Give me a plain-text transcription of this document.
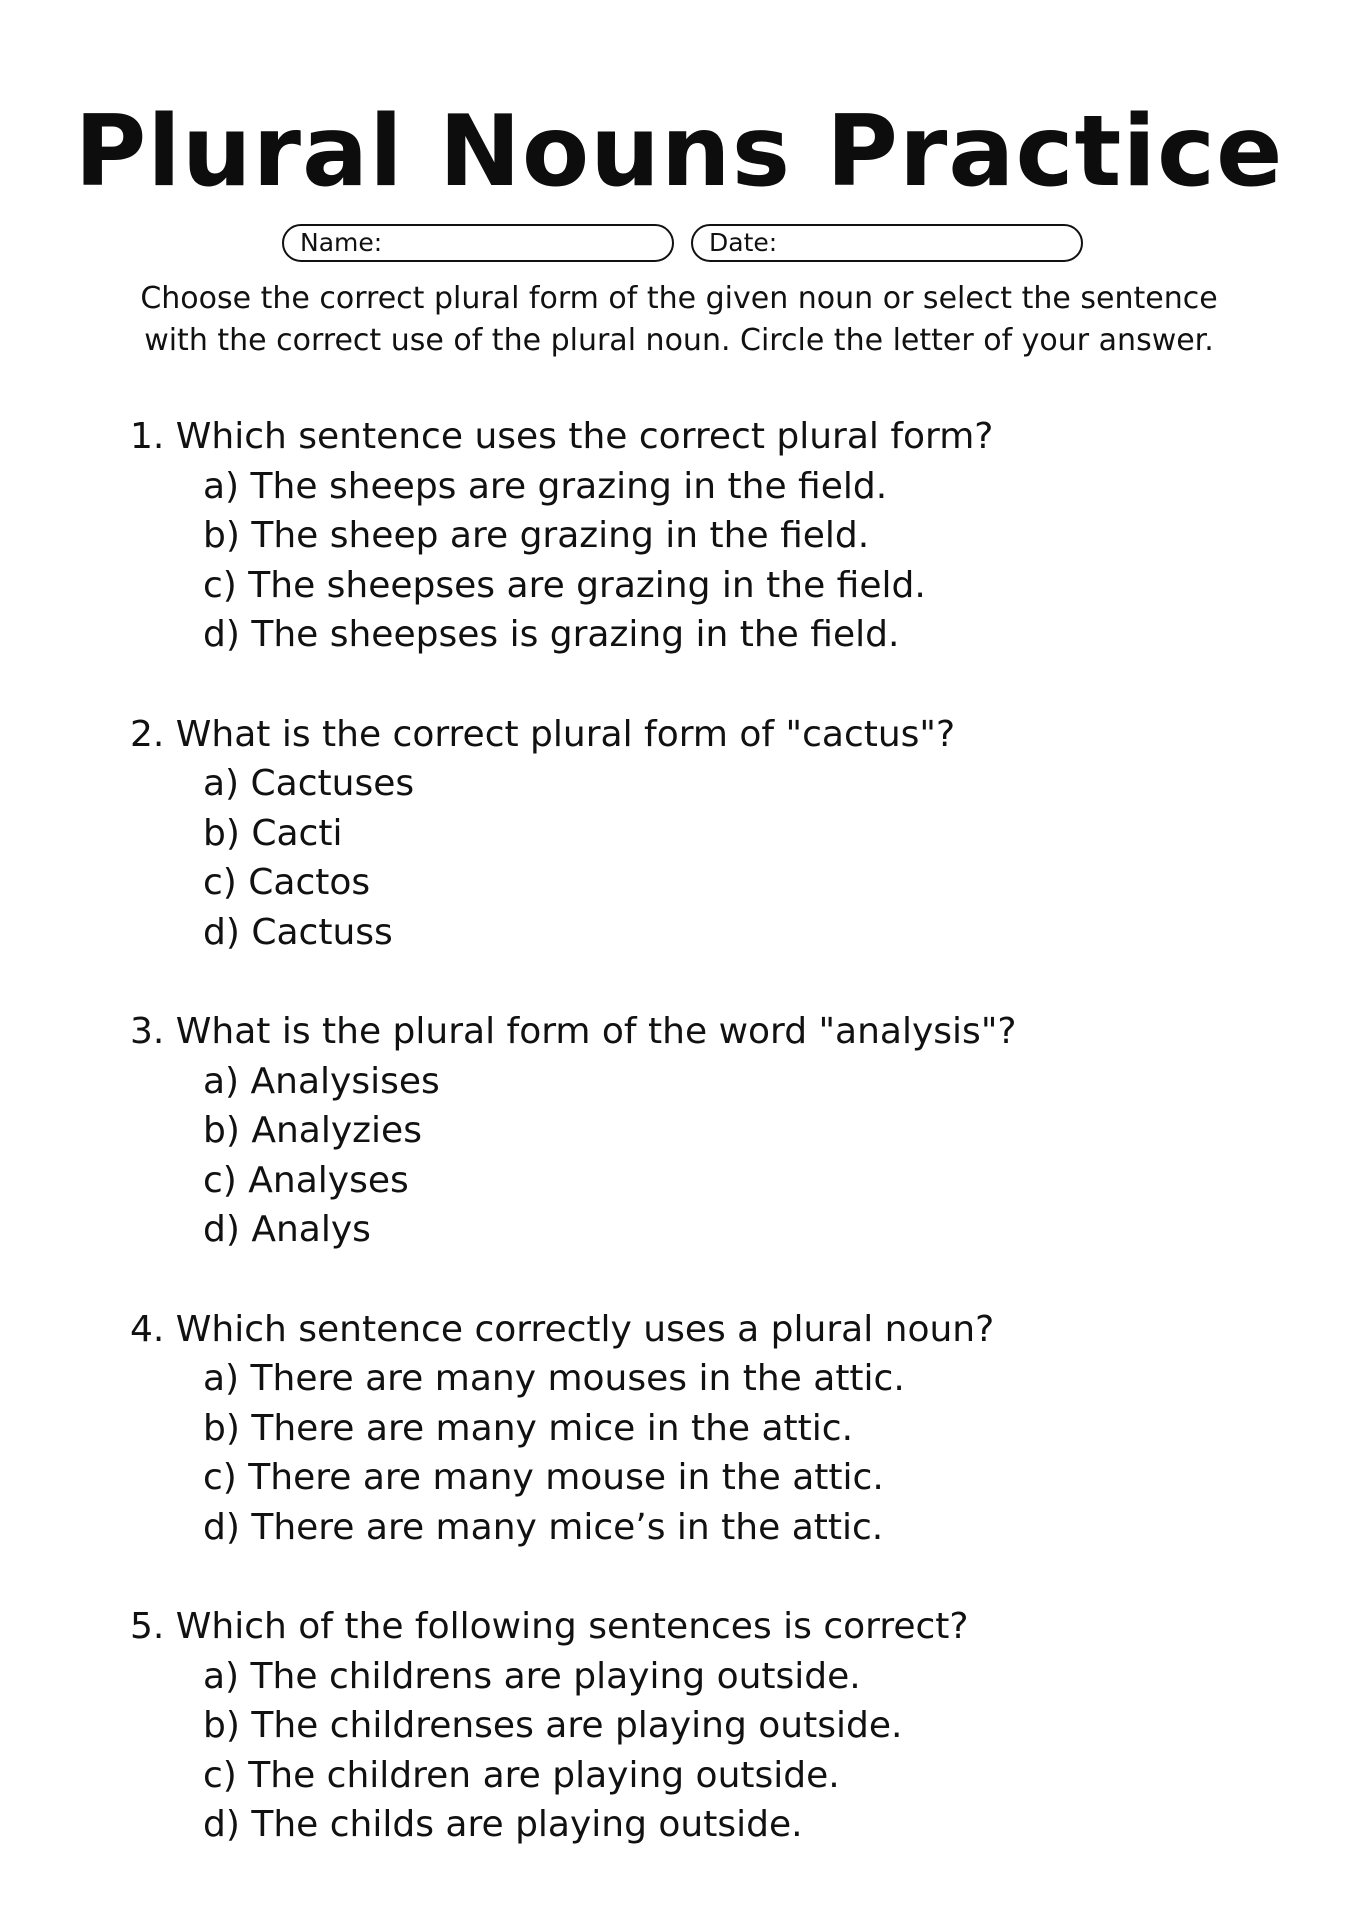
Plural Nouns Practice
Name:	Date:
Choose the correct plural form of the given noun or select the sentence
with the correct use of the plural noun. Circle the letter of your answer.
1. Which sentence uses the correct plural form?
a) The sheeps are grazing in the field.
b) The sheep are grazing in the field.
c) The sheepses are grazing in the field.
d) The sheepses is grazing in the field.
2. What is the correct plural form of "cactus"?
a) Cactuses
b) Cacti
c) Cactos
d) Cactuss
3. What is the plural form of the word "analysis"?
a) Analysises
b) Analyzies
c) Analyses
d) Analys
4. Which sentence correctly uses a plural noun?
a) There are many mouses in the attic.
b) There are many mice in the attic.
c) There are many mouse in the attic.
d) There are many mice’s in the attic.
5. Which of the following sentences is correct?
a) The childrens are playing outside.
b) The childrenses are playing outside.
c) The children are playing outside.
d) The childs are playing outside.
